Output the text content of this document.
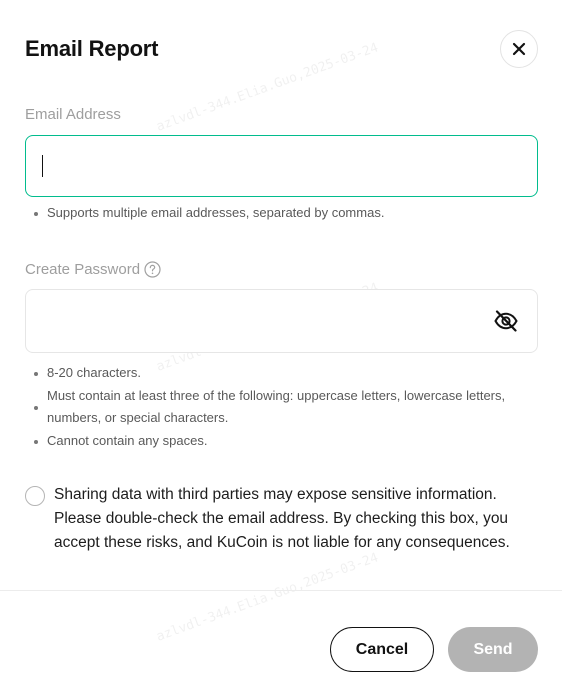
azlvdl-344.Elia.Guo,2025-03-24
azlvdl-344.Elia.Guo,2025-03-24
Email Report
Email Address
Supports multiple email addresses, separated by commas.
Create Password
8-20 characters.
Must contain at least three of the following: uppercase letters, lowercase letters, numbers, or special characters.
Cannot contain any spaces.
Sharing data with third parties may expose sensitive information. Please double-check the email address. By checking this box, you accept these risks, and KuCoin is not liable for any consequences.
Cancel	Send
